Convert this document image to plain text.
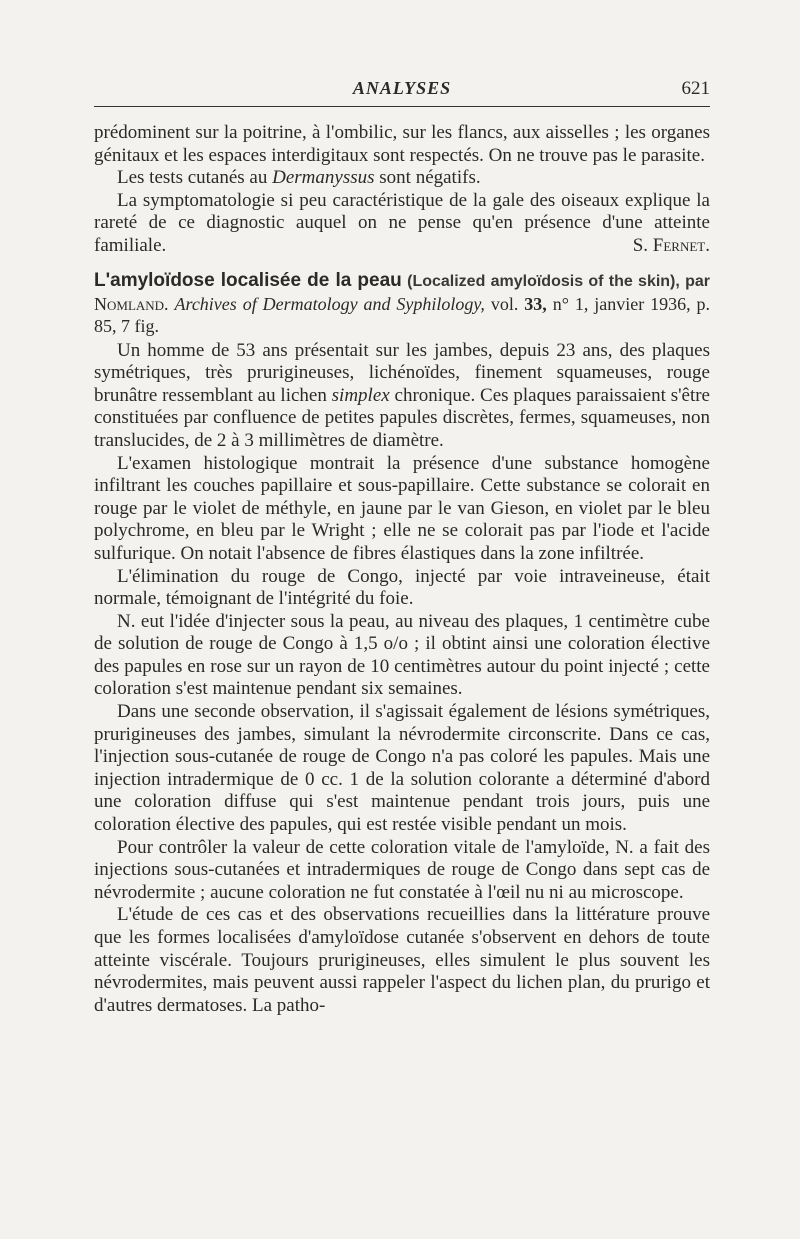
ANALYSES	621

prédominent sur la poitrine, à l'ombilic, sur les flancs, aux aisselles ; les organes génitaux et les espaces interdigitaux sont respectés. On ne trouve pas le parasite.

Les tests cutanés au Dermanyssus sont négatifs.

La symptomatologie si peu caractéristique de la gale des oiseaux explique la rareté de ce diagnostic auquel on ne pense qu'en présence d'une atteinte familiale.	S. Fernet.

L'amyloïdose localisée de la peau (Localized amyloïdosis of the skin), par Nomland. Archives of Dermatology and Syphilology, vol. 33, n° 1, janvier 1936, p. 85, 7 fig.

Un homme de 53 ans présentait sur les jambes, depuis 23 ans, des plaques symétriques, très prurigineuses, lichénoïdes, finement squameuses, rouge brunâtre ressemblant au lichen simplex chronique. Ces plaques paraissaient s'être constituées par confluence de petites papules discrètes, fermes, squameuses, non translucides, de 2 à 3 millimètres de diamètre.

L'examen histologique montrait la présence d'une substance homogène infiltrant les couches papillaire et sous-papillaire. Cette substance se colorait en rouge par le violet de méthyle, en jaune par le van Gieson, en violet par le bleu polychrome, en bleu par le Wright ; elle ne se colorait pas par l'iode et l'acide sulfurique. On notait l'absence de fibres élastiques dans la zone infiltrée.

L'élimination du rouge de Congo, injecté par voie intraveineuse, était normale, témoignant de l'intégrité du foie.

N. eut l'idée d'injecter sous la peau, au niveau des plaques, 1 centimètre cube de solution de rouge de Congo à 1,5 o/o ; il obtint ainsi une coloration élective des papules en rose sur un rayon de 10 centimètres autour du point injecté ; cette coloration s'est maintenue pendant six semaines.

Dans une seconde observation, il s'agissait également de lésions symétriques, prurigineuses des jambes, simulant la névrodermite circonscrite. Dans ce cas, l'injection sous-cutanée de rouge de Congo n'a pas coloré les papules. Mais une injection intradermique de 0 cc. 1 de la solution colorante a déterminé d'abord une coloration diffuse qui s'est maintenue pendant trois jours, puis une coloration élective des papules, qui est restée visible pendant un mois.

Pour contrôler la valeur de cette coloration vitale de l'amyloïde, N. a fait des injections sous-cutanées et intradermiques de rouge de Congo dans sept cas de névrodermite ; aucune coloration ne fut constatée à l'œil nu ni au microscope.

L'étude de ces cas et des observations recueillies dans la littérature prouve que les formes localisées d'amyloïdose cutanée s'observent en dehors de toute atteinte viscérale. Toujours prurigineuses, elles simulent le plus souvent les névrodermites, mais peuvent aussi rappeler l'aspect du lichen plan, du prurigo et d'autres dermatoses. La patho-
